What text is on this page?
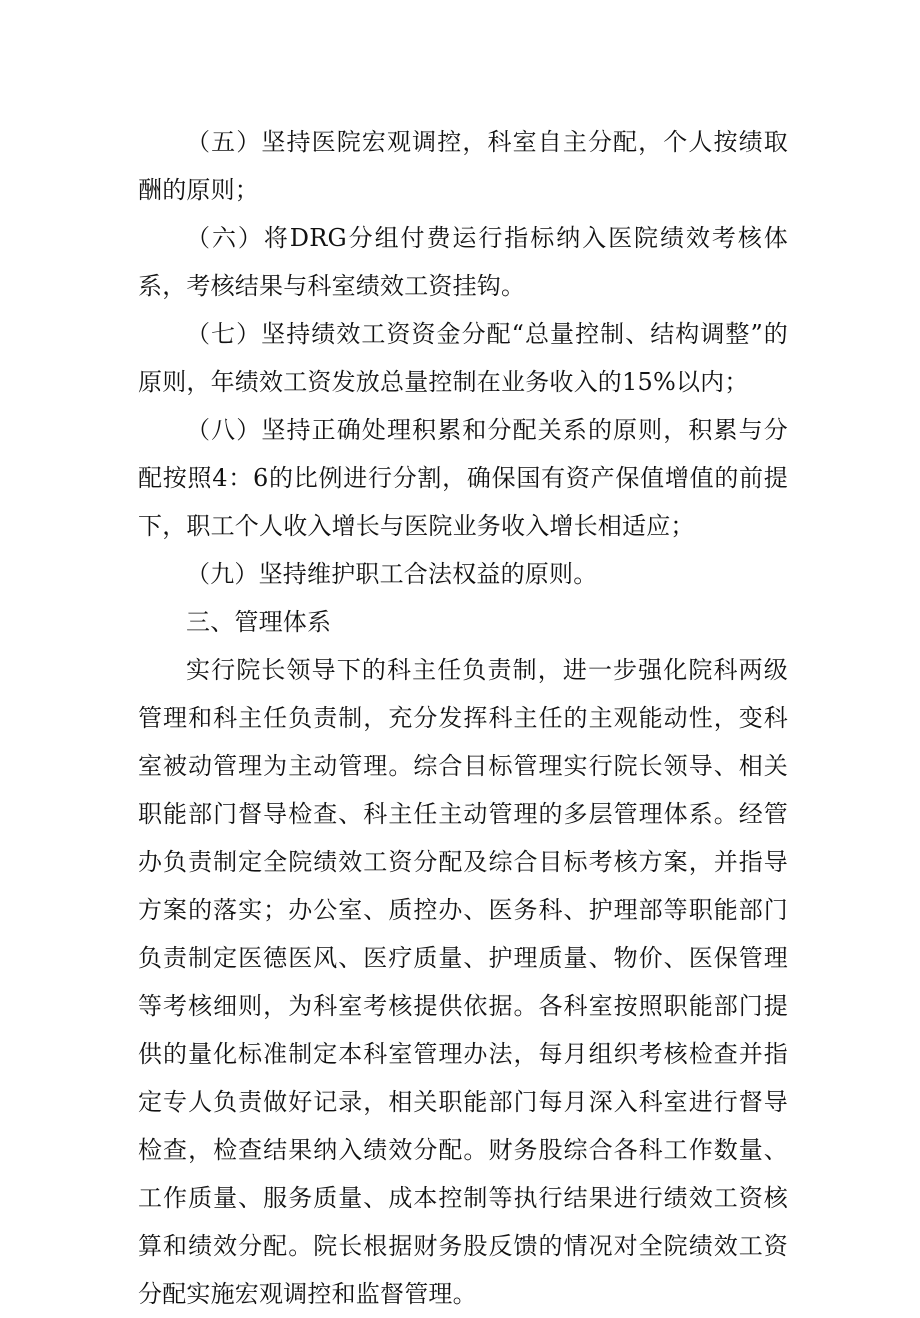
（五）坚持医院宏观调控，科室自主分配，个人按绩取酬的原则；

（六）将DRG分组付费运行指标纳入医院绩效考核体系，考核结果与科室绩效工资挂钩。

（七）坚持绩效工资资金分配“总量控制、结构调整”的原则，年绩效工资发放总量控制在业务收入的15%以内；

（八）坚持正确处理积累和分配关系的原则，积累与分配按照4：6的比例进行分割，确保国有资产保值增值的前提下，职工个人收入增长与医院业务收入增长相适应；

（九）坚持维护职工合法权益的原则。

三、管理体系

实行院长领导下的科主任负责制，进一步强化院科两级管理和科主任负责制，充分发挥科主任的主观能动性，变科室被动管理为主动管理。综合目标管理实行院长领导、相关职能部门督导检查、科主任主动管理的多层管理体系。经管办负责制定全院绩效工资分配及综合目标考核方案，并指导方案的落实；办公室、质控办、医务科、护理部等职能部门负责制定医德医风、医疗质量、护理质量、物价、医保管理等考核细则，为科室考核提供依据。各科室按照职能部门提供的量化标准制定本科室管理办法，每月组织考核检查并指定专人负责做好记录，相关职能部门每月深入科室进行督导检查，检查结果纳入绩效分配。财务股综合各科工作数量、工作质量、服务质量、成本控制等执行结果进行绩效工资核算和绩效分配。院长根据财务股反馈的情况对全院绩效工资分配实施宏观调控和监督管理。
